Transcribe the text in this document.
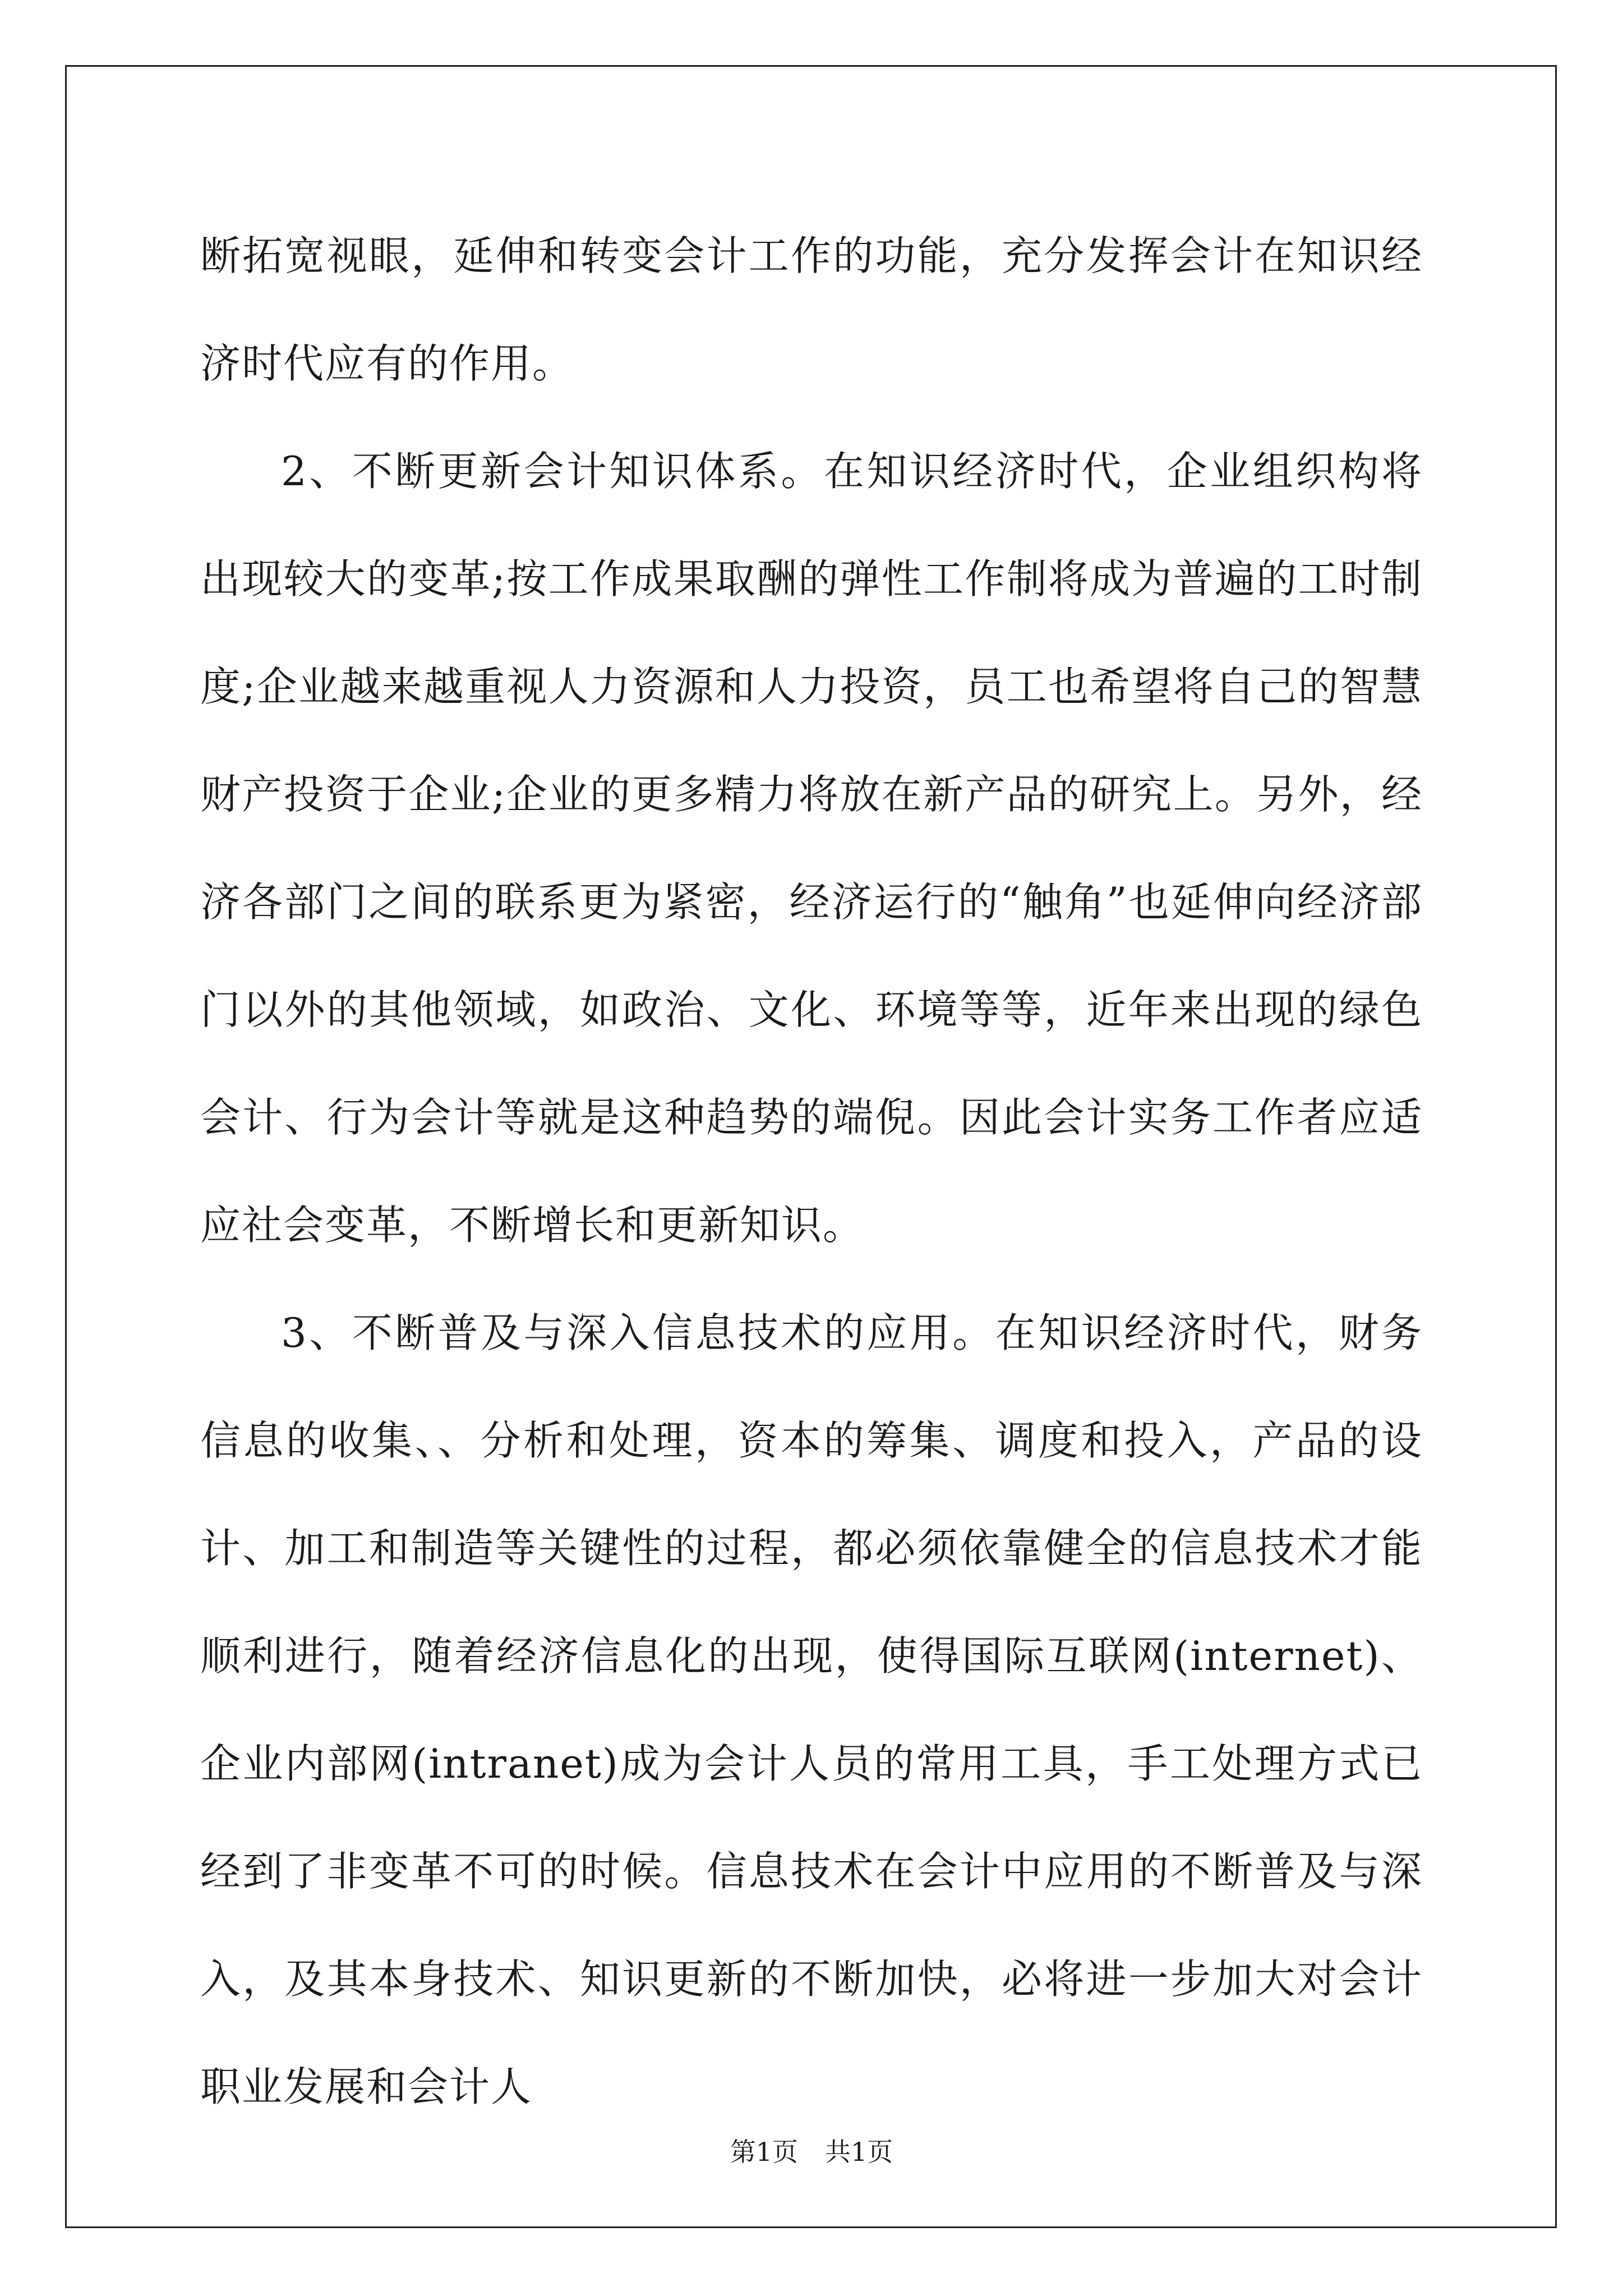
断拓宽视眼，延伸和转变会计工作的功能，充分发挥会计在知识经济时代应有的作用。

2、不断更新会计知识体系。在知识经济时代，企业组织构将出现较大的变革;按工作成果取酬的弹性工作制将成为普遍的工时制度;企业越来越重视人力资源和人力投资，员工也希望将自己的智慧财产投资于企业;企业的更多精力将放在新产品的研究上。另外，经济各部门之间的联系更为紧密，经济运行的“触角”也延伸向经济部门以外的其他领域，如政治、文化、环境等等，近年来出现的绿色会计、行为会计等就是这种趋势的端倪。因此会计实务工作者应适应社会变革，不断增长和更新知识。

3、不断普及与深入信息技术的应用。在知识经济时代，财务信息的收集、、分析和处理，资本的筹集、调度和投入，产品的设计、加工和制造等关键性的过程，都必须依靠健全的信息技术才能顺利进行，随着经济信息化的出现，使得国际互联网(internet)、企业内部网(intranet)成为会计人员的常用工具，手工处理方式已经到了非变革不可的时候。信息技术在会计中应用的不断普及与深入，及其本身技术、知识更新的不断加快，必将进一步加大对会计职业发展和会计人

第1页 共1页
